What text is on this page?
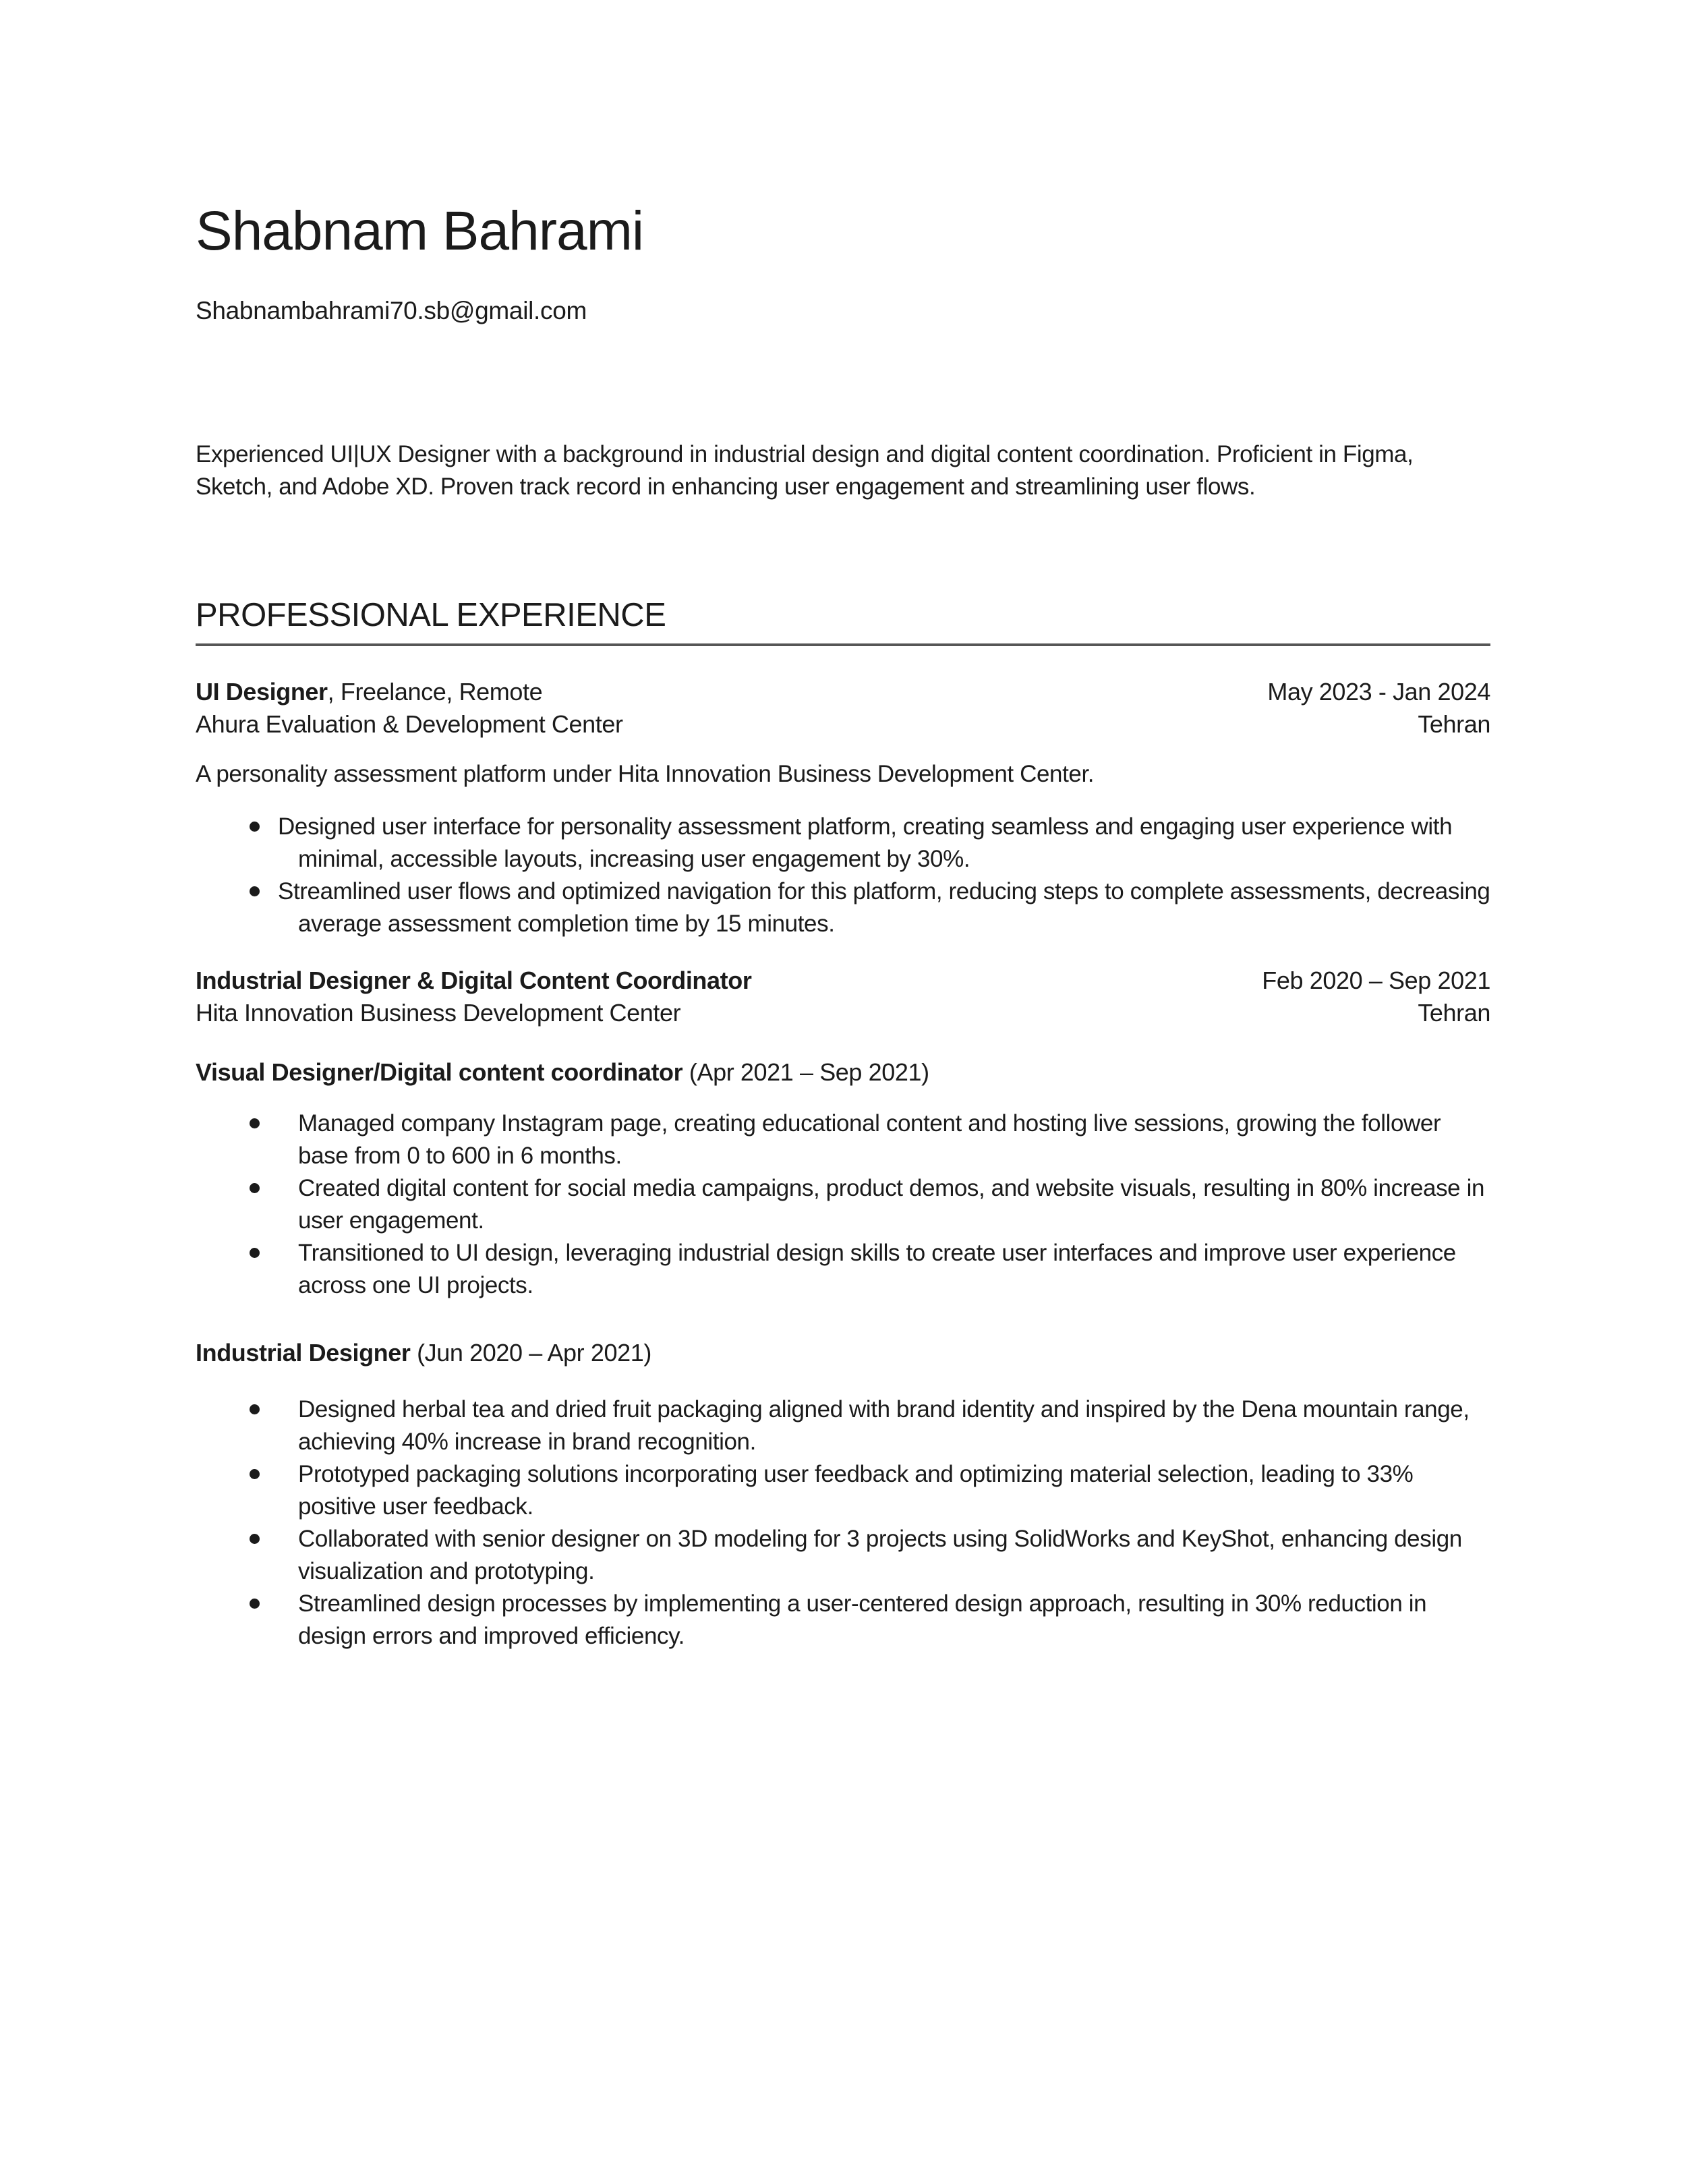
Shabnam Bahrami
Shabnambahrami70.sb@gmail.com

Experienced UI|UX Designer with a background in industrial design and digital content coordination. Proficient in Figma, Sketch, and Adobe XD. Proven track record in enhancing user engagement and streamlining user flows.

PROFESSIONAL EXPERIENCE
UI Designer, Freelance, Remote	May 2023 - Jan 2024
Ahura Evaluation & Development Center	Tehran

A personality assessment platform under Hita Innovation Business Development Center.

Designed user interface for personality assessment platform, creating seamless and engaging user experience with minimal, accessible layouts, increasing user engagement by 30%.
Streamlined user flows and optimized navigation for this platform, reducing steps to complete assessments, decreasing average assessment completion time by 15 minutes.
Industrial Designer & Digital Content Coordinator	Feb 2020 – Sep 2021
Hita Innovation Business Development Center	Tehran
Visual Designer/Digital content coordinator (Apr 2021 – Sep 2021)
Managed company Instagram page, creating educational content and hosting live sessions, growing the follower base from 0 to 600 in 6 months.
Created digital content for social media campaigns, product demos, and website visuals, resulting in 80% increase in user engagement.
Transitioned to UI design, leveraging industrial design skills to create user interfaces and improve user experience across one UI projects.
Industrial Designer (Jun 2020 – Apr 2021)
Designed herbal tea and dried fruit packaging aligned with brand identity and inspired by the Dena mountain range, achieving 40% increase in brand recognition.
Prototyped packaging solutions incorporating user feedback and optimizing material selection, leading to 33% positive user feedback.
Collaborated with senior designer on 3D modeling for 3 projects using SolidWorks and KeyShot, enhancing design visualization and prototyping.
Streamlined design processes by implementing a user-centered design approach, resulting in 30% reduction in design errors and improved efficiency.
